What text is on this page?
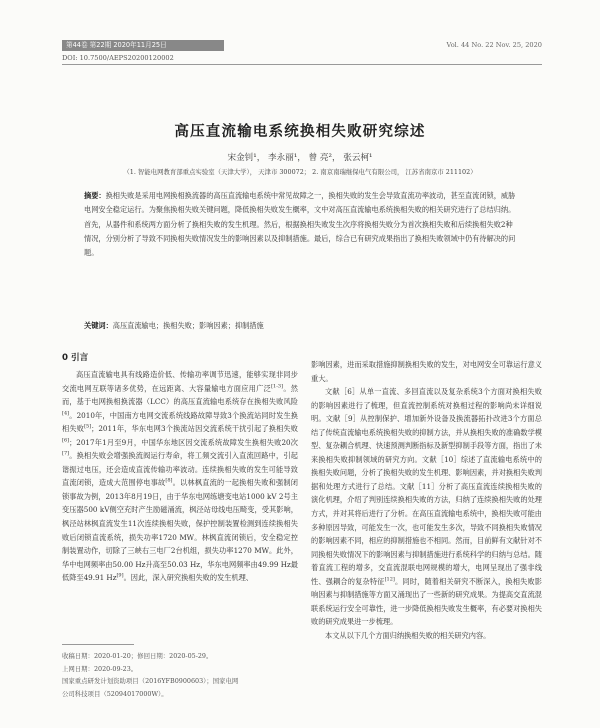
第44卷 第22期 2020年11月25日	Vol. 44 No. 22 Nov. 25, 2020
DOI: 10.7500/AEPS20200120002
高压直流输电系统换相失败研究综述
宋金钊¹， 李永丽¹， 曾 亮²， 张云柯¹
（1. 智能电网教育部重点实验室（天津大学）， 天津市 300072； 2. 南京南瑞继保电气有限公司， 江苏省南京市 211102）
摘要：换相失败是采用电网换相换流器的高压直流输电系统中常见故障之一，换相失败的发生会导致直流功率波动，甚至直流闭锁，威胁电网安全稳定运行。为聚焦换相失败关键问题，降低换相失败发生概率，文中对高压直流输电系统换相失败的相关研究进行了总结归纳。首先，从器件和系统两方面分析了换相失败的发生机理。然后，根据换相失败发生次序将换相失败分为首次换相失败和后续换相失败2种情况，分别分析了导致不同换相失败情况发生的影响因素以及抑制措施。最后，综合已有研究成果指出了换相失败领域中仍有待解决的问题。
关键词：高压直流输电；换相失败；影响因素；抑制措施
0 引言

高压直流输电具有线路造价低、传输功率调节迅速，能够实现非同步交流电网互联等诸多优势，在远距离、大容量输电方面应用广泛[1-3]。然而，基于电网换相换流器（LCC）的高压直流输电系统存在换相失败风险[4]。2010年，中国南方电网交流系统线路故障导致3个换流站同时发生换相失败[5]；2011年，华东电网3个换流站因交流系统干扰引起了换相失败[6]；2017年1月至9月，中国华东地区因交流系统故障发生换相失败20次[7]。换相失败会增强换流阀运行寿命，将工频交流引入直流回路中，引起谐振过电压，还会造成直流传输功率波动。连续换相失败的发生可能导致直流闭锁，造成大范围停电事故[8]。以林枫直流的一起换相失败和强制闭锁事故为例，2013年8月19日，由于华东电网练塘变电站1000 kV 2号主变压器500 kV侧空充时产生励磁涌流，枫泾站母线电压畸变，受其影响，枫泾站林枫直流发生11次连续换相失败，保护控制装置检测到连续换相失败后闭锁直流系统，损失功率1720 MW。林枫直流闭锁后，安全稳定控制装置动作，切除了三峡右三电厂2台机组，损失功率1270 MW。此外，华中电网频率由50.00 Hz升高至50.03 Hz，华东电网频率由49.99 Hz最低降至49.91 Hz[9]。因此，深入研究换相失败的发生机理、

影响因素，进而采取措施抑制换相失败的发生，对电网安全可靠运行意义重大。

文献［6］从单一直流、多回直流以及复杂系统3个方面对换相失败的影响因素进行了梳理，但直流控制系统对换相过程的影响尚未详细说明。文献［9］从控制保护、增加新外设备及换流器拓扑改进3个方面总结了传统直流输电系统换相失败的抑制方法，并从换相失败的准确数学模型、复杂耦合机理、快速预测判断指标及新型抑制手段等方面，指出了未来换相失败抑制领域的研究方向。文献［10］综述了直流输电系统中的换相失败问题，分析了换相失败的发生机理、影响因素，并对换相失败判据和处理方式进行了总结。文献［11］分析了高压直流连续换相失败的演化机理，介绍了判别连续换相失败的方法，归纳了连续换相失败的处理方式，并对其将后进行了分析。在高压直流输电系统中，换相失败可能由多种原因导致，可能发生一次，也可能发生多次，导致不同换相失败情况的影响因素不同，相应的抑制措施也不相同。然而，目前鲜有文献针对不同换相失败情况下的影响因素与抑制措施进行系统科学的归纳与总结。随着直流工程的增多，交直流混联电网规模的增大，电网呈现出了强非线性、强耦合的复杂特征[12]。同时，随着相关研究不断深入，换相失败影响因素与抑制措施等方面又涌现出了一些新的研究成果。为提高交直流混联系统运行安全可靠性，进一步降低换相失败发生概率，有必要对换相失败的研究成果进一步梳理。

本文从以下几个方面归纳换相失败的相关研究内容。

收稿日期：2020-01-20；修回日期：2020-05-29。
上网日期：2020-09-23。
国家重点研发计划资助项目（2016YFB0900603）；国家电网
公司科技项目（52094017000W）。
